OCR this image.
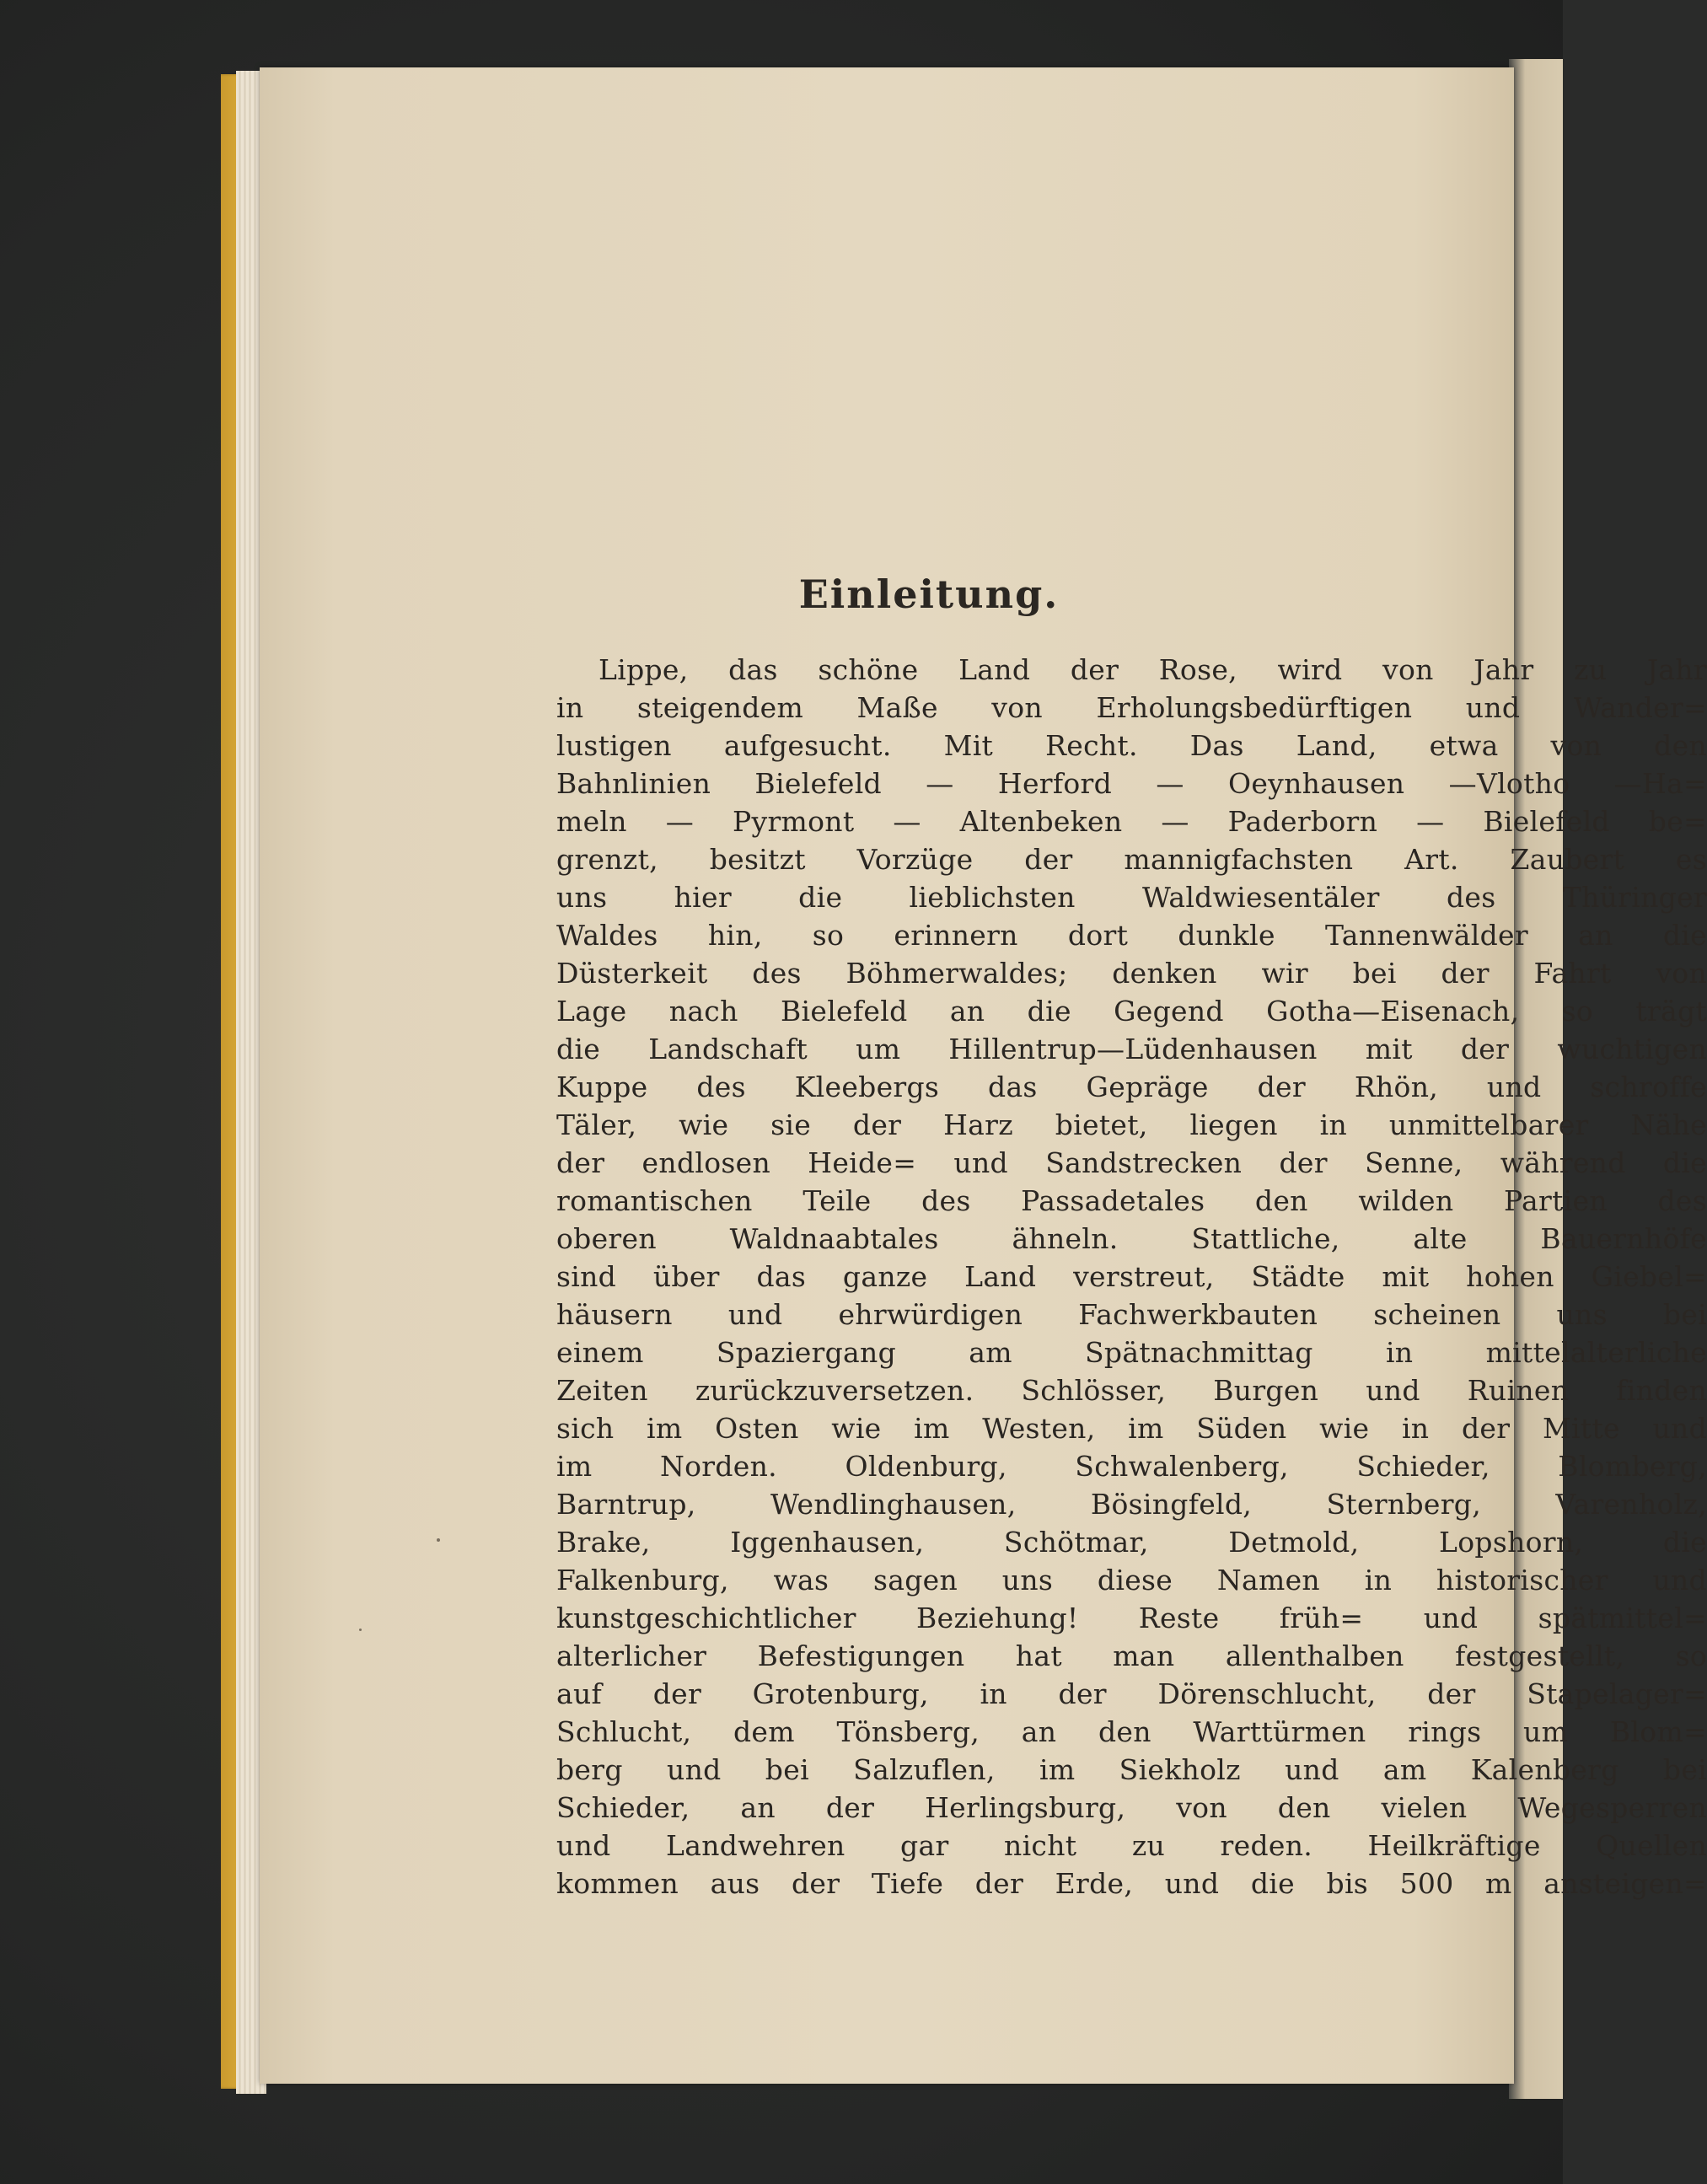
Einleitung.
Lippe, das schöne Land der Rose, wird von Jahr zu Jahr
in steigendem Maße von Erholungsbedürftigen und Wander=
lustigen aufgesucht. Mit Recht. Das Land, etwa von den
Bahnlinien Bielefeld — Herford — Oeynhausen —Vlotho —Ha=
meln — Pyrmont — Altenbeken — Paderborn — Bielefeld be=
grenzt, besitzt Vorzüge der mannigfachsten Art. Zaubert es
uns hier die lieblichsten Waldwiesentäler des Thüringer
Waldes hin, so erinnern dort dunkle Tannenwälder an die
Düsterkeit des Böhmerwaldes; denken wir bei der Fahrt von
Lage nach Bielefeld an die Gegend Gotha—Eisenach, so trägt
die Landschaft um Hillentrup—Lüdenhausen mit der wuchtigen
Kuppe des Kleebergs das Gepräge der Rhön, und schroffe
Täler, wie sie der Harz bietet, liegen in unmittelbarer Nähe
der endlosen Heide= und Sandstrecken der Senne, während die
romantischen Teile des Passadetales den wilden Partien des
oberen Waldnaabtales ähneln. Stattliche, alte Bauernhöfe
sind über das ganze Land verstreut, Städte mit hohen Giebel=
häusern und ehrwürdigen Fachwerkbauten scheinen uns bei
einem Spaziergang am Spätnachmittag in mittelalterliche
Zeiten zurückzuversetzen. Schlösser, Burgen und Ruinen finden
sich im Osten wie im Westen, im Süden wie in der Mitte und
im Norden. Oldenburg, Schwalenberg, Schieder, Blomberg,
Barntrup, Wendlinghausen, Bösingfeld, Sternberg, Varenholz,
Brake, Iggenhausen, Schötmar, Detmold, Lopshorn, die
Falkenburg, was sagen uns diese Namen in historischer und
kunstgeschichtlicher Beziehung! Reste früh= und spätmittel=
alterlicher Befestigungen hat man allenthalben festgestellt, so
auf der Grotenburg, in der Dörenschlucht, der Stapelager=
Schlucht, dem Tönsberg, an den Warttürmen rings um Blom=
berg und bei Salzuflen, im Siekholz und am Kalenberg bei
Schieder, an der Herlingsburg, von den vielen Wegesperren
und Landwehren gar nicht zu reden. Heilkräftige Quellen
kommen aus der Tiefe der Erde, und die bis 500 m ansteigen=
